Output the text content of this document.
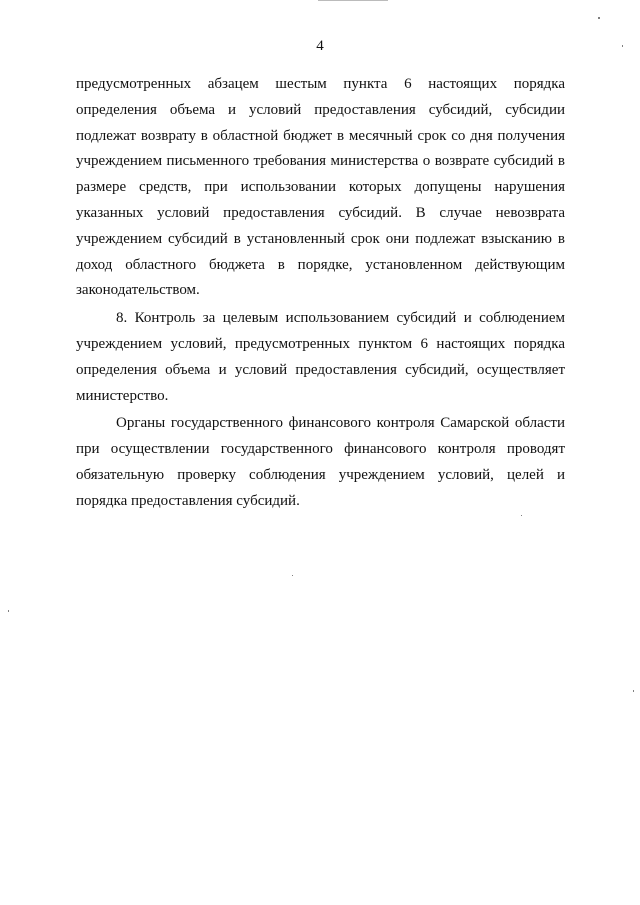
4
предусмотренных абзацем шестым пункта 6 настоящих порядка
определения объема и условий предоставления субсидий, субсидии
подлежат возврату в областной бюджет в месячный срок со дня получения
учреждением письменного требования министерства о возврате субсидий в
размере средств, при использовании которых допущены нарушения
указанных условий предоставления субсидий. В случае невозврата
учреждением субсидий в установленный срок они подлежат взысканию в
доход областного бюджета в порядке, установленном действующим
законодательством.
8. Контроль за целевым использованием субсидий и соблюдением
учреждением условий, предусмотренных пунктом 6 настоящих порядка
определения объема и условий предоставления субсидий, осуществляет
министерство.
Органы государственного финансового контроля Самарской области
при осуществлении государственного финансового контроля проводят
обязательную проверку соблюдения учреждением условий, целей и
порядка предоставления субсидий.
